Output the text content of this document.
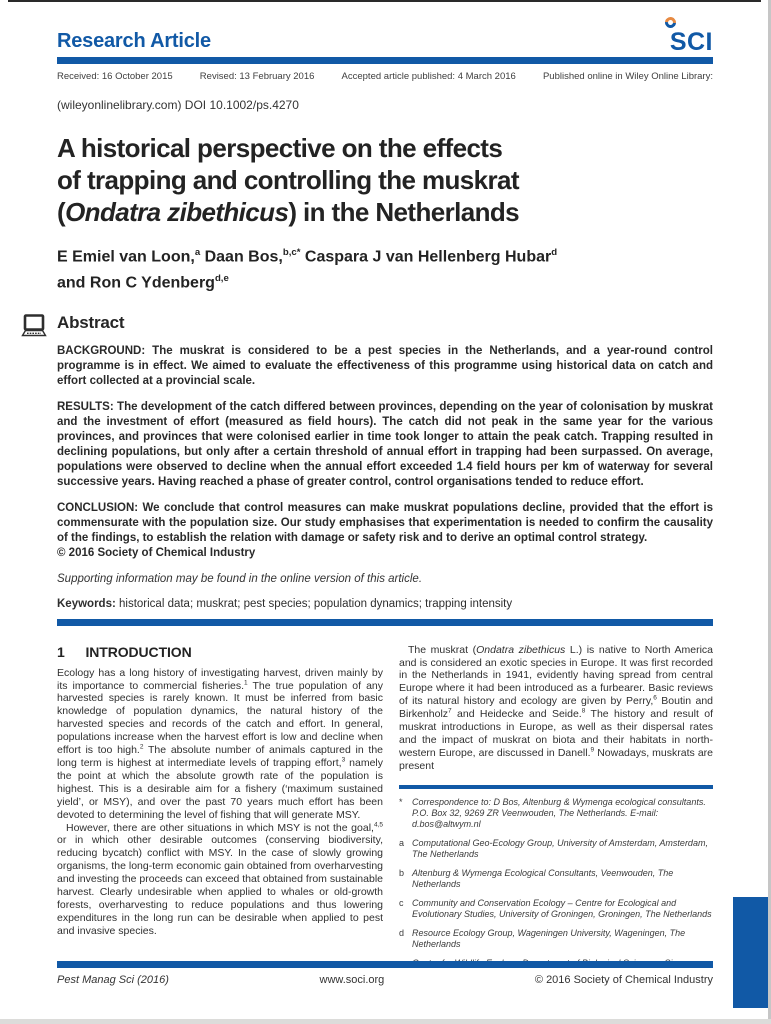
Research Article	SCI
Received: 16 October 2015	Revised: 13 February 2016	Accepted article published: 4 March 2016	Published online in Wiley Online Library:
(wileyonlinelibrary.com) DOI 10.1002/ps.4270
A historical perspective on the effects
of trapping and controlling the muskrat
(Ondatra zibethicus) in the Netherlands
E Emiel van Loon,$^a$ Daan Bos,$^{b,c*}$ Caspara J van Hellenberg Hubar$^d$
and Ron C Ydenberg$^{d,e}$
Abstract

BACKGROUND: The muskrat is considered to be a pest species in the Netherlands, and a year-round control programme is in effect. We aimed to evaluate the effectiveness of this programme using historical data on catch and effort collected at a provincial scale.

RESULTS: The development of the catch differed between provinces, depending on the year of colonisation by muskrat and the investment of effort (measured as field hours). The catch did not peak in the same year for the various provinces, and provinces that were colonised earlier in time took longer to attain the peak catch. Trapping resulted in declining populations, but only after a certain threshold of annual effort in trapping had been surpassed. On average, populations were observed to decline when the annual effort exceeded 1.4 field hours per km of waterway for several successive years. Having reached a phase of greater control, control organisations tended to reduce effort.

CONCLUSION: We conclude that control measures can make muskrat populations decline, provided that the effort is commensurate with the population size. Our study emphasises that experimentation is needed to confirm the causality of the findings, to establish the relation with damage or safety risk and to derive an optimal control strategy.

© 2016 Society of Chemical Industry

Supporting information may be found in the online version of this article.

Keywords: historical data; muskrat; pest species; population dynamics; trapping intensity

1 INTRODUCTION

Ecology has a long history of investigating harvest, driven mainly by its importance to commercial fisheries.$^1$ The true population of any harvested species is rarely known. It must be inferred from basic knowledge of population dynamics, the natural history of the harvested species and records of the catch and effort. In general, populations increase when the harvest effort is low and decline when effort is too high.$^2$ The absolute number of animals captured in the long term is highest at intermediate levels of trapping effort,$^3$ namely the point at which the absolute growth rate of the population is highest. This is a desirable aim for a fishery (‘maximum sustained yield’, or MSY), and over the past 70 years much effort has been devoted to determining the level of fishing that will generate MSY.

However, there are other situations in which MSY is not the goal,$^{4,5}$ or in which other desirable outcomes (conserving biodiversity, reducing bycatch) conflict with MSY. In the case of slowly growing organisms, the long-term economic gain obtained from overharvesting and investing the proceeds can exceed that obtained from sustainable harvest. Clearly undesirable when applied to whales or old-growth forests, overharvesting to reduce populations and thus lowering expenditures in the long run can be desirable when applied to pest and invasive species.

The muskrat (Ondatra zibethicus L.) is native to North America and is considered an exotic species in Europe. It was first recorded in the Netherlands in 1941, evidently having spread from central Europe where it had been introduced as a furbearer. Basic reviews of its natural history and ecology are given by Perry,$^6$ Boutin and Birkenholz$^7$ and Heidecke and Seide.$^8$ The history and result of muskrat introductions in Europe, as well as their dispersal rates and the impact of muskrat on biota and their habitats in north-western Europe, are discussed in Danell.$^9$ Nowadays, muskrats are present

*	Correspondence to: D Bos, Altenburg & Wymenga ecological consultants. P.O. Box 32, 9269 ZR Veenwouden, The Netherlands. E-mail: d.bos@altwym.nl
a Computational Geo-Ecology Group, University of Amsterdam, Amsterdam, The Netherlands
b Altenburg & Wymenga Ecological Consultants, Veenwouden, The Netherlands
c Community and Conservation Ecology – Centre for Ecological and Evolutionary Studies, University of Groningen, Groningen, The Netherlands
d Resource Ecology Group, Wageningen University, Wageningen, The Netherlands
Pest Manag Sci (2016)	www.soci.org	© 2016 Society of Chemical Industry
